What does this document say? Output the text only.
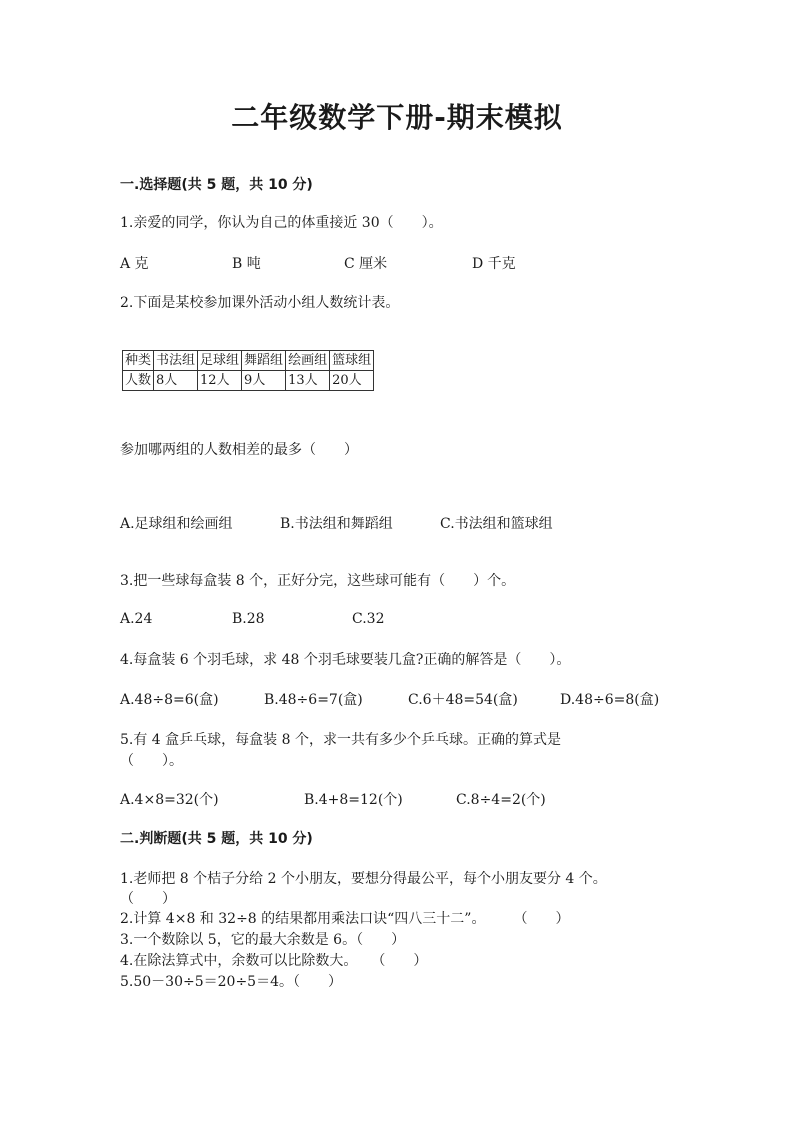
二年级数学下册-期末模拟
一.选择题(共 5 题，共 10 分)
1.亲爱的同学，你认为自己的体重接近 30（　　）。
A 克	B 吨	C 厘米	D 千克
2.下面是某校参加课外活动小组人数统计表。
种类	书法组	足球组	舞蹈组	绘画组	篮球组
人数	8人	12人	9人	13人	20人
参加哪两组的人数相差的最多（　　）
A.足球组和绘画组	B.书法组和舞蹈组	C.书法组和篮球组
3.把一些球每盒装 8 个，正好分完，这些球可能有（　　）个。
A.24	B.28	C.32
4.每盒装 6 个羽毛球，求 48 个羽毛球要装几盒?正确的解答是（　　）。
A.48÷8=6(盒)	B.48÷6=7(盒)	C.6＋48=54(盒)	D.48÷6=8(盒)
5.有 4 盒乒乓球，每盒装 8 个，求一共有多少个乒乓球。正确的算式是
（　　）。
A.4×8=32(个)	B.4+8=12(个)	C.8÷4=2(个)
二.判断题(共 5 题，共 10 分)
1.老师把 8 个桔子分给 2 个小朋友，要想分得最公平，每个小朋友要分 4 个。
（　　）
2.计算 4×8 和 32÷8 的结果都用乘法口诀“四八三十二”。　　　（　　）
3.一个数除以 5，它的最大余数是 6。（　　）
4.在除法算式中，余数可以比除数大。　　（　　）
5.50－30÷5＝20÷5＝4。（　　）
